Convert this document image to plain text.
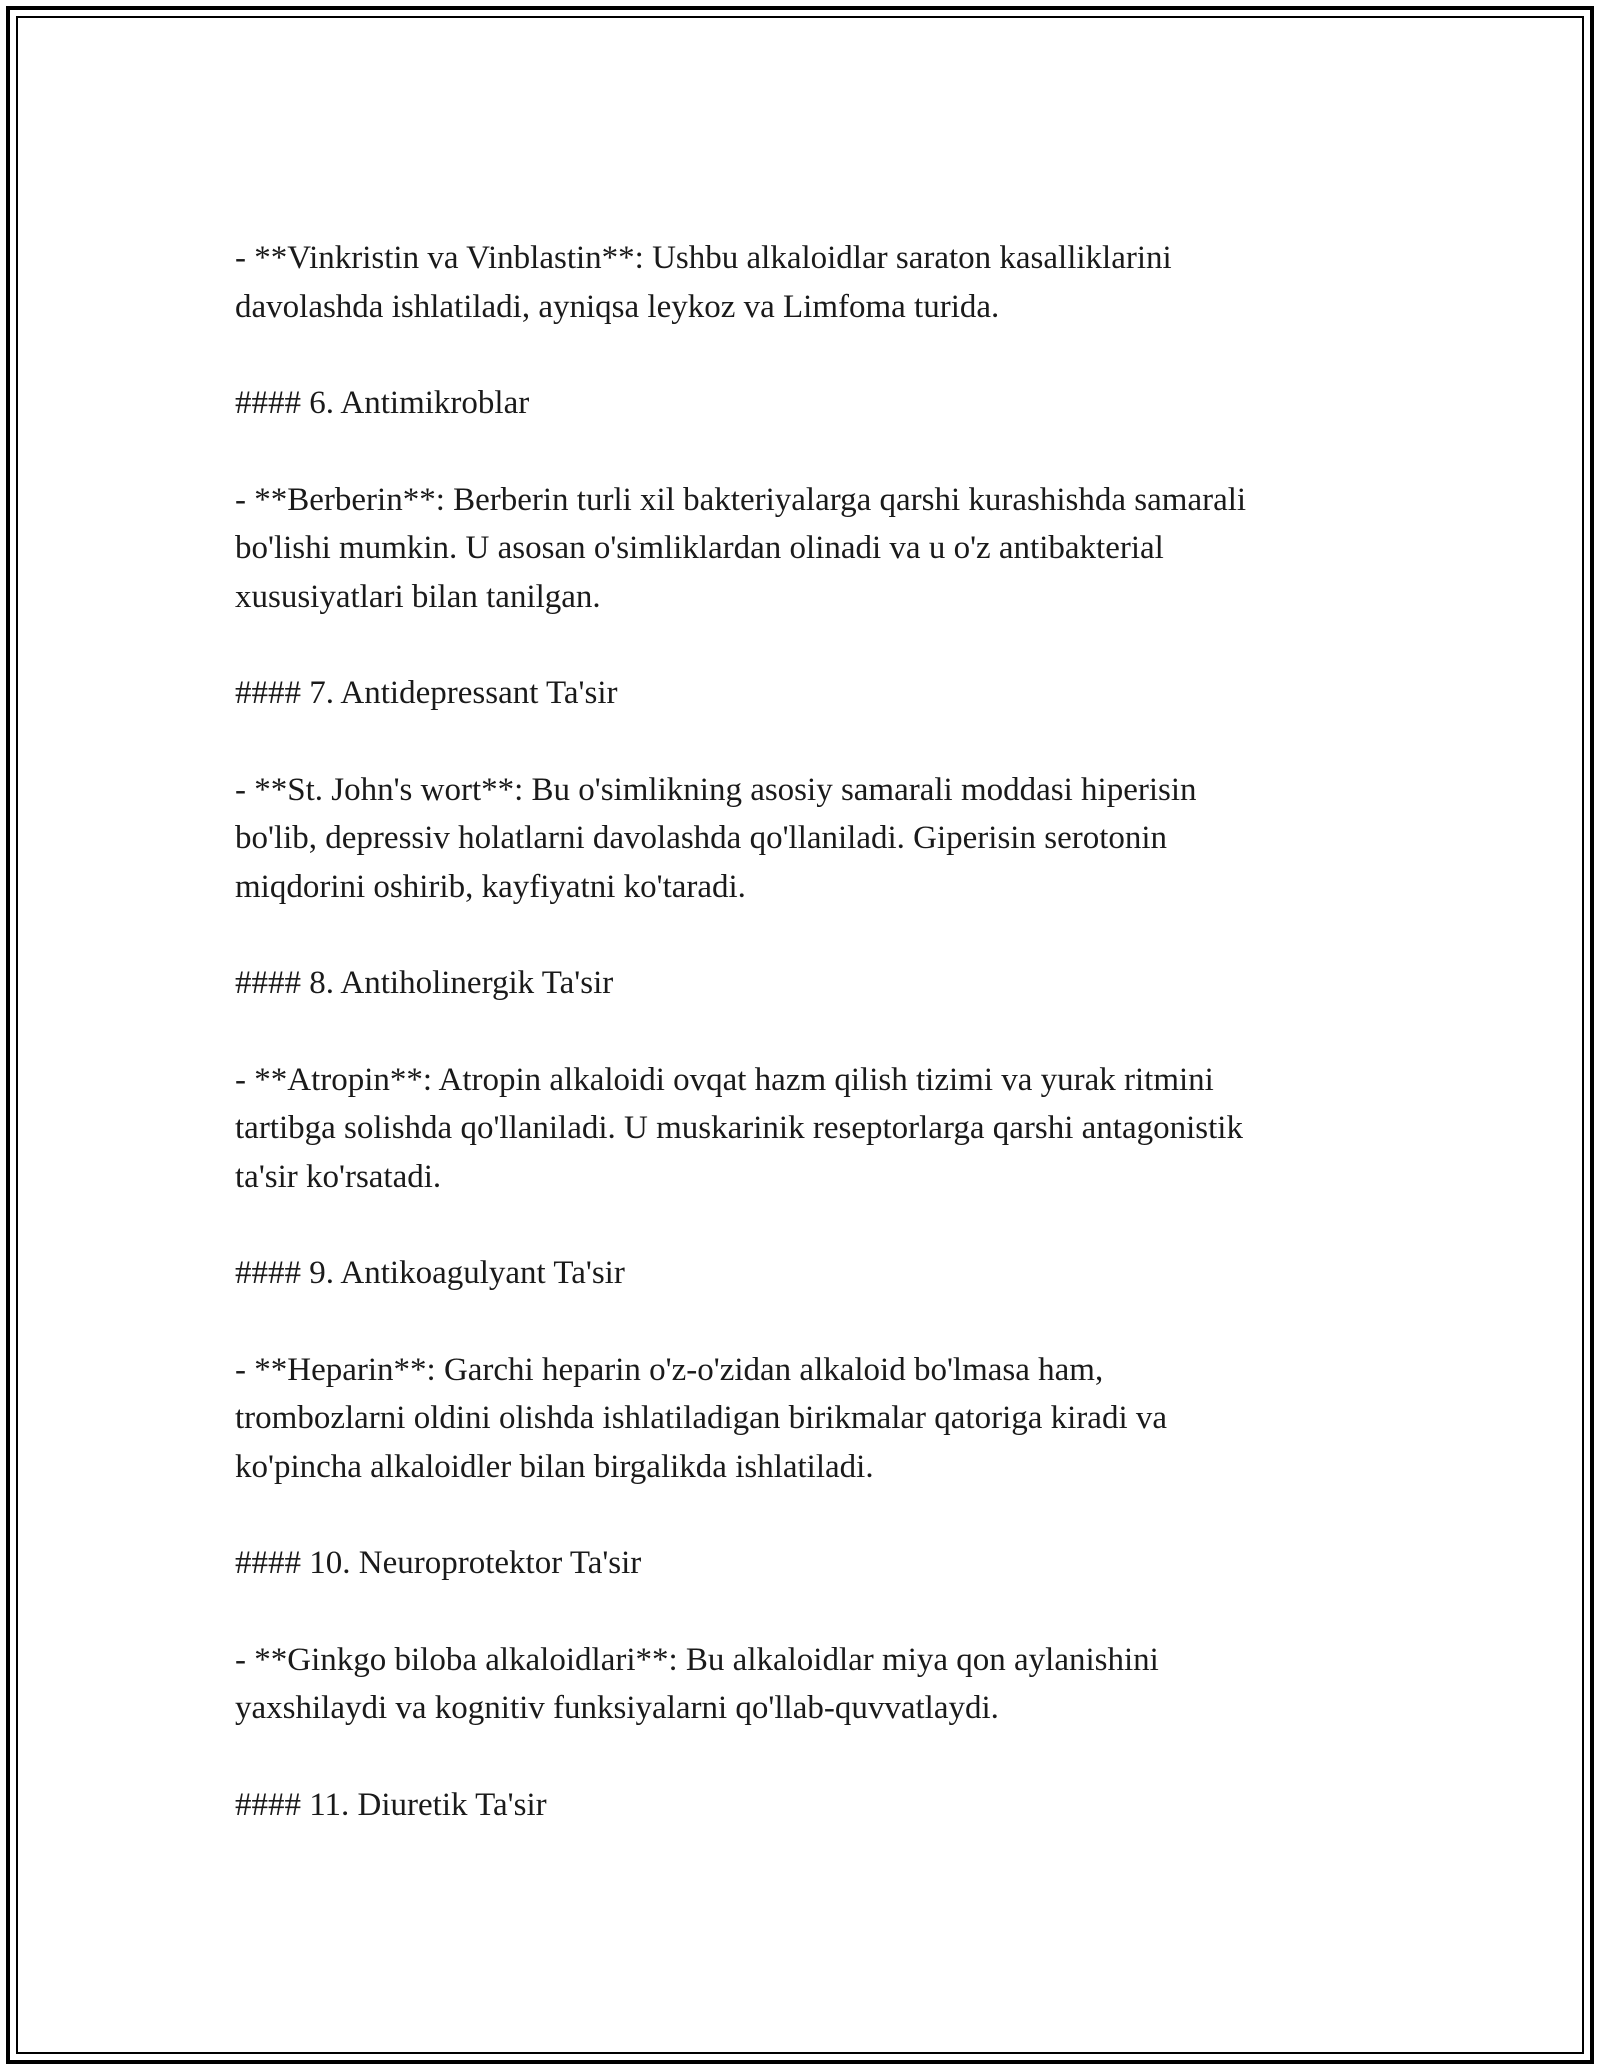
- **Vinkristin va Vinblastin**: Ushbu alkaloidlar saraton kasalliklarini
davolashda ishlatiladi, ayniqsa leykoz va Limfoma turida.
#### 6. Antimikroblar
- **Berberin**: Berberin turli xil bakteriyalarga qarshi kurashishda samarali
bo'lishi mumkin. U asosan o'simliklardan olinadi va u o'z antibakterial
xususiyatlari bilan tanilgan.
#### 7. Antidepressant Ta'sir
- **St. John's wort**: Bu o'simlikning asosiy samarali moddasi hiperisin
bo'lib, depressiv holatlarni davolashda qo'llaniladi. Giperisin serotonin
miqdorini oshirib, kayfiyatni ko'taradi.
#### 8. Antiholinergik Ta'sir
- **Atropin**: Atropin alkaloidi ovqat hazm qilish tizimi va yurak ritmini
tartibga solishda qo'llaniladi. U muskarinik reseptorlarga qarshi antagonistik
ta'sir ko'rsatadi.
#### 9. Antikoagulyant Ta'sir
- **Heparin**: Garchi heparin o'z-o'zidan alkaloid bo'lmasa ham,
trombozlarni oldini olishda ishlatiladigan birikmalar qatoriga kiradi va
ko'pincha alkaloidler bilan birgalikda ishlatiladi.
#### 10. Neuroprotektor Ta'sir
- **Ginkgo biloba alkaloidlari**: Bu alkaloidlar miya qon aylanishini
yaxshilaydi va kognitiv funksiyalarni qo'llab-quvvatlaydi.
#### 11. Diuretik Ta'sir
